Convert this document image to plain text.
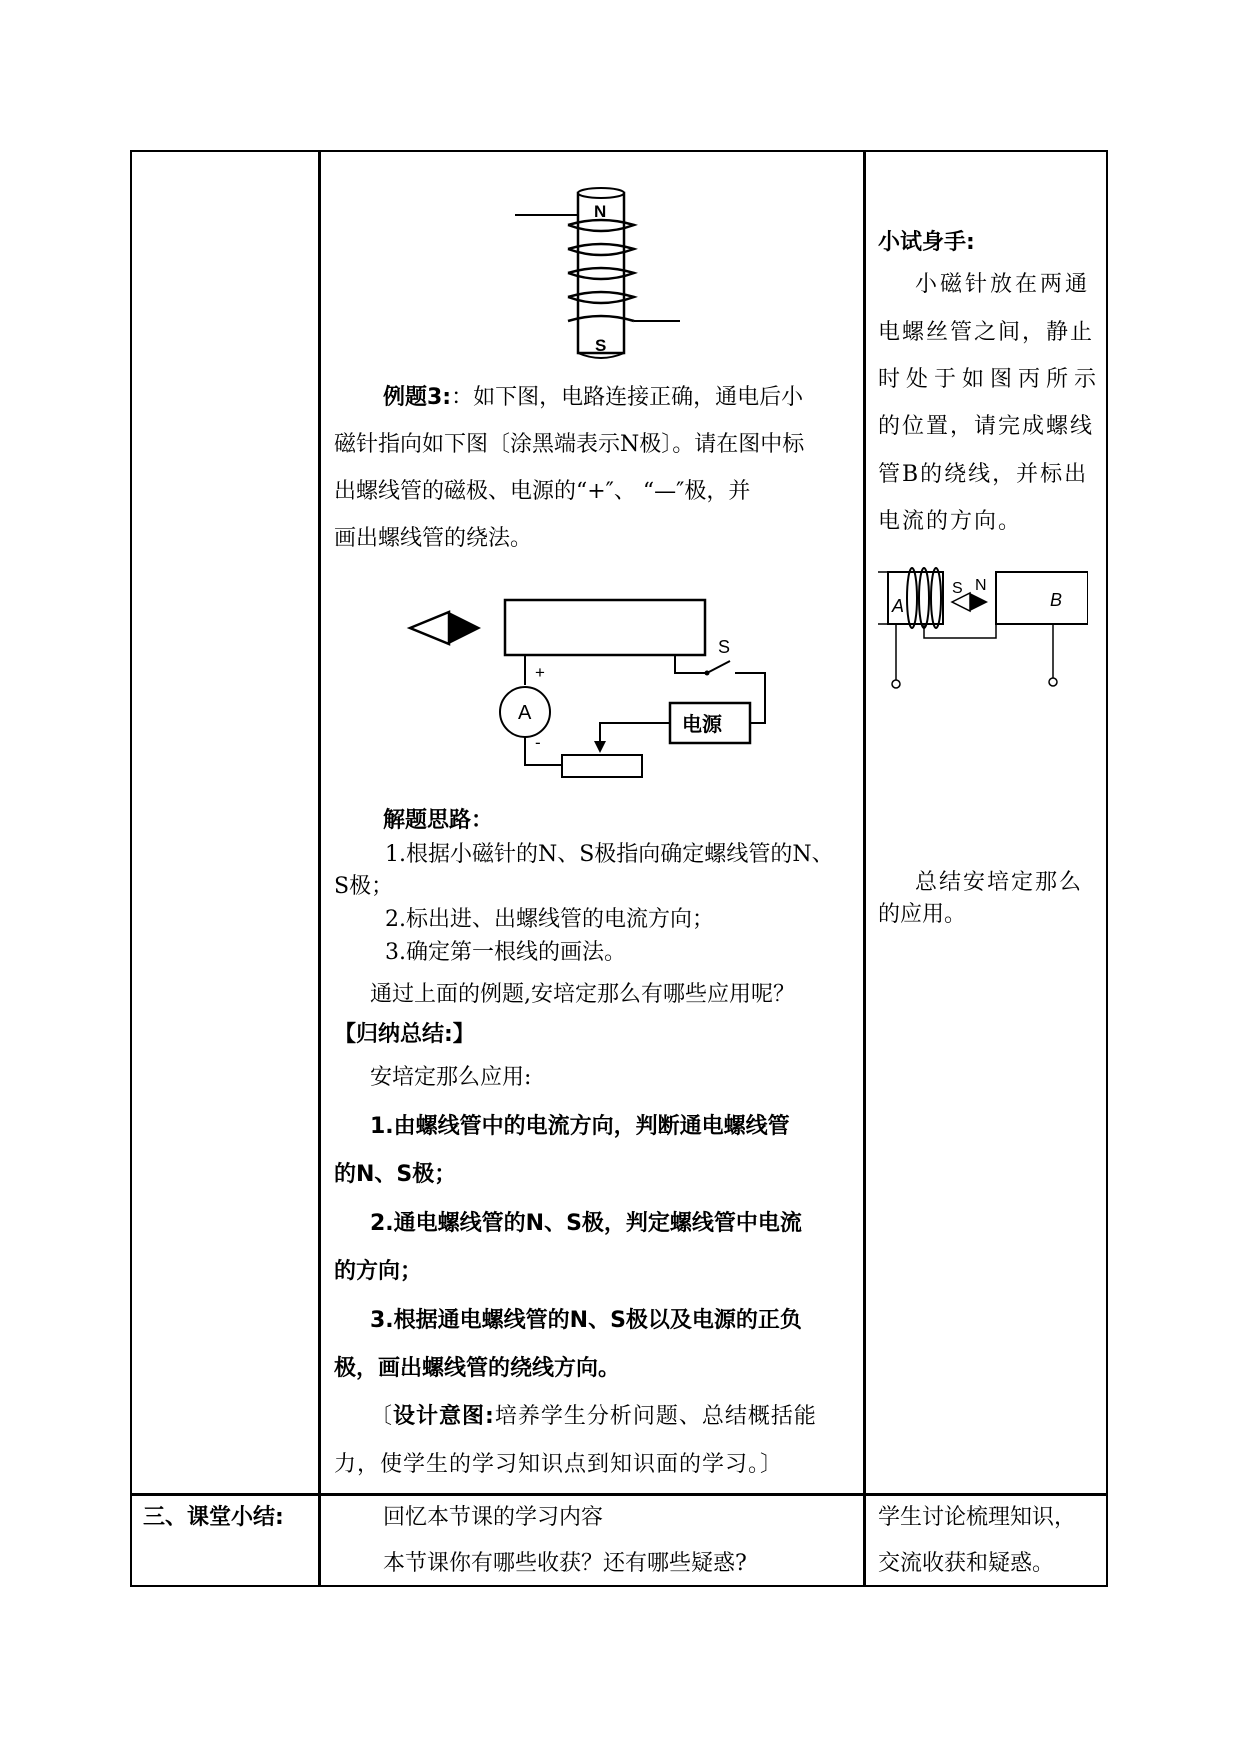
N
S
例题3:：如下图，电路连接正确，通电后小
磁针指向如下图〔涂黑端表示N极〕。请在图中标
出螺线管的磁极、电源的“+″、 “—″极，并
画出螺线管的绕法。
S
A
+
-
电源
解题思路：
1.根据小磁针的N、S极指向确定螺线管的N、
S极；
2.标出进、出螺线管的电流方向；
3.确定第一根线的画法。
通过上面的例题,安培定那么有哪些应用呢？
【归纳总结:】
安培定那么应用:
1.由螺线管中的电流方向，判断通电螺线管
的N、S极；
2.通电螺线管的N、S极，判定螺线管中电流
的方向；
3.根据通电螺线管的N、S极以及电源的正负
极，画出螺线管的绕线方向。
〔设计意图:培养学生分析问题、总结概括能
力，使学生的学习知识点到知识面的学习。〕
小试身手:
小磁针放在两通
电螺丝管之间，静止
时处于如图丙所示
的位置，请完成螺线
管B的绕线，并标出
电流的方向。
A
S N
B
总结安培定那么
的应用。
三、课堂小结:	回忆本节课的学习内容
本节课你有哪些收获？还有哪些疑惑?
学生讨论梳理知识，
交流收获和疑惑。
